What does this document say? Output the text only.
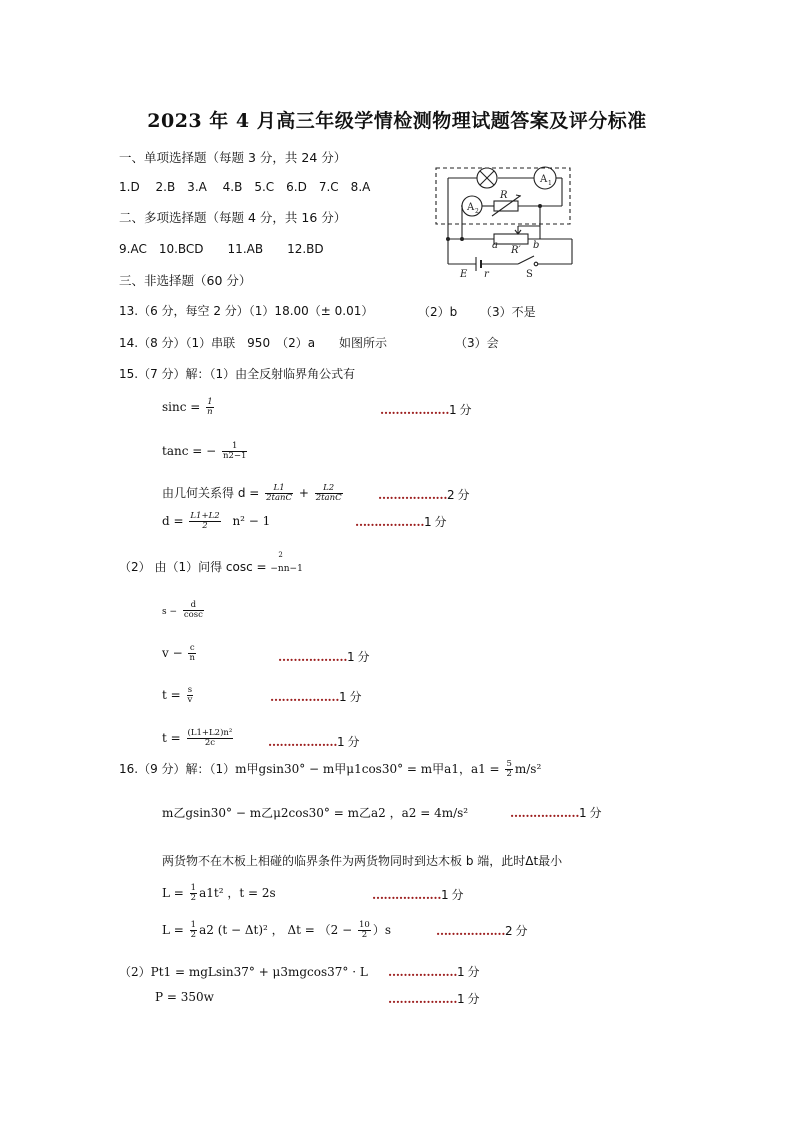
2023 年 4 月高三年级学情检测物理试题答案及评分标准
一、单项选择题（每题 3 分，共 24 分）
1.D　 2.B　3.A　 4.B　5.C　6.D　7.C　8.A
二、多项选择题（每题 4 分，共 16 分）
9.AC　10.BCD　　11.AB　　12.BD
三、非选择题（60 分）
A 1
A 2
R
R′
a	b
E r	S
13.（6 分，每空 2 分）（1）18.00（± 0.01）	（2）b （3）不是
14.（8 分）（1）串联　950　（2）a　　如图所示	（3）会
15.（7 分）解：（1）由全反射临界角公式有
$\sin c = \frac{1}{n}$	………………1 分
tanc = − $\frac{1}{n2-1}$
由几何关系得 $d = \frac{L1}{2\tan C} + \frac{L2}{2\tan C}$	………………2 分
$d = \frac{L1+L2}{2} n^2 - 1$	………………1 分
（2） 由（1）问得 cosc =
2
−nn−1
$s - \frac{d}{\cos c}$
$v - \frac{c}{n}$	………………1 分
$t = \frac{s}{v}$	………………1 分
$t = \frac{\text{(L1+L2)n²}}{2c}$	………………1 分
16.（9 分）解：（1）m甲gsin30° − m甲μ1cos30° = m甲a1，$a1 = \frac{5}{2} m/s^2$
m乙gsin30° − m乙μ2cos30° = m乙a2 ，a2 = 4m/s²	………………1 分
两货物不在木板上相碰的临界条件为两货物同时到达木板 b 端，此时Δt最小
$L = \frac{1}{2} a1t^2$ ，t = 2s	………………1 分
$L = \frac{1}{2} a2$ (t − Δt)² ， $\Delta t = (2 - \frac{10}{2} )s$	………………2 分
（2）Pt1 = mgLsin37° + μ3mgcos37° · L ………………1 分
P = 350w	………………1 分
